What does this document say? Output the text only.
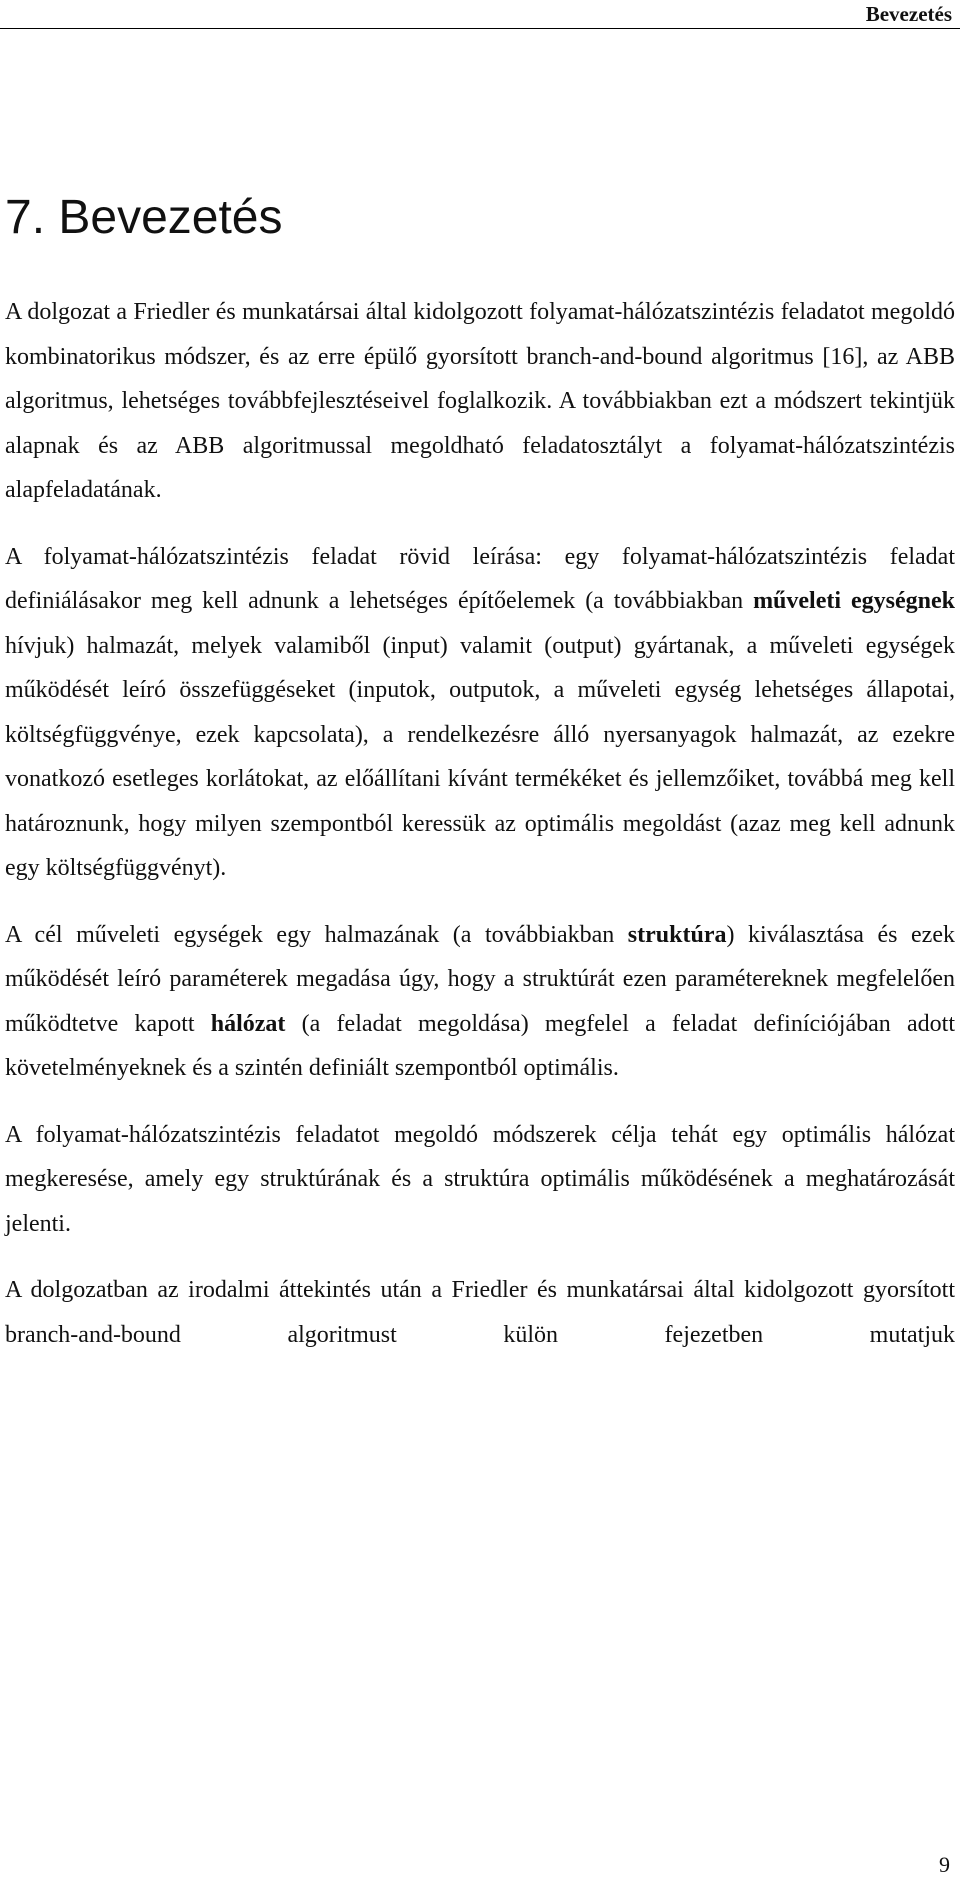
Bevezetés
7. Bevezetés

A dolgozat a Friedler és munkatársai által kidolgozott folyamat-hálózatszintézis feladatot megoldó kombinatorikus módszer, és az erre épülő gyorsított branch-and-bound algoritmus [16], az ABB algoritmus, lehetséges továbbfejlesztéseivel foglalkozik. A továbbiakban ezt a módszert tekintjük alapnak és az ABB algoritmussal megoldható feladatosztályt a folyamat-hálózatszintézis alapfeladatának.

A folyamat-hálózatszintézis feladat rövid leírása: egy folyamat-hálózatszintézis feladat definiálásakor meg kell adnunk a lehetséges építőelemek (a továbbiakban műveleti egységnek hívjuk) halmazát, melyek valamiből (input) valamit (output) gyártanak, a műveleti egységek működését leíró összefüggéseket (inputok, outputok, a műveleti egység lehetséges állapotai, költségfüggvénye, ezek kapcsolata), a rendelkezésre álló nyersanyagok halmazát, az ezekre vonatkozó esetleges korlátokat, az előállítani kívánt termékéket és jellemzőiket, továbbá meg kell határoznunk, hogy milyen szempontból keressük az optimális megoldást (azaz meg kell adnunk egy költségfüggvényt).

A cél műveleti egységek egy halmazának (a továbbiakban struktúra) kiválasztása és ezek működését leíró paraméterek megadása úgy, hogy a struktúrát ezen paramétereknek megfelelően működtetve kapott hálózat (a feladat megoldása) megfelel a feladat definíciójában adott követelményeknek és a szintén definiált szempontból optimális.

A folyamat-hálózatszintézis feladatot megoldó módszerek célja tehát egy optimális hálózat megkeresése, amely egy struktúrának és a struktúra optimális működésének a meghatározását jelenti.

A dolgozatban az irodalmi áttekintés után a Friedler és munkatársai által kidolgozott gyorsított branch-and-bound algoritmust külön fejezetben mutatjuk

9
